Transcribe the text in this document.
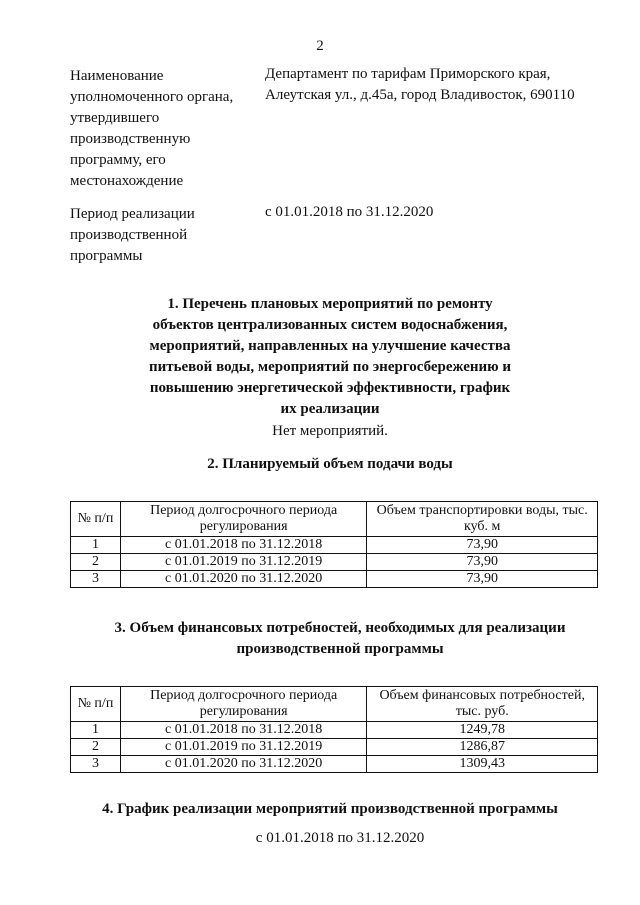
2
Наименование уполномоченного органа, утвердившего производственную программу, его местонахождение
Департамент по тарифам Приморского края, Алеутская ул., д.45а, город Владивосток, 690110
Период реализации производственной программы
с 01.01.2018 по 31.12.2020
1. Перечень плановых мероприятий по ремонту объектов централизованных систем водоснабжения, мероприятий, направленных на улучшение качества питьевой воды, мероприятий по энергосбережению и повышению энергетической эффективности, график их реализации
Нет мероприятий.
2. Планируемый объем подачи воды
№ п/п	Период долгосрочного периода регулирования	Объем транспортировки воды, тыс. куб. м
1	с 01.01.2018 по 31.12.2018	73,90
2	с 01.01.2019 по 31.12.2019	73,90
3	с 01.01.2020 по 31.12.2020	73,90
3. Объем финансовых потребностей, необходимых для реализации производственной программы
№ п/п	Период долгосрочного периода регулирования	Объем финансовых потребностей, тыс. руб.
1	с 01.01.2018 по 31.12.2018	1249,78
2	с 01.01.2019 по 31.12.2019	1286,87
3	с 01.01.2020 по 31.12.2020	1309,43
4. График реализации мероприятий производственной программы
с 01.01.2018 по 31.12.2020
